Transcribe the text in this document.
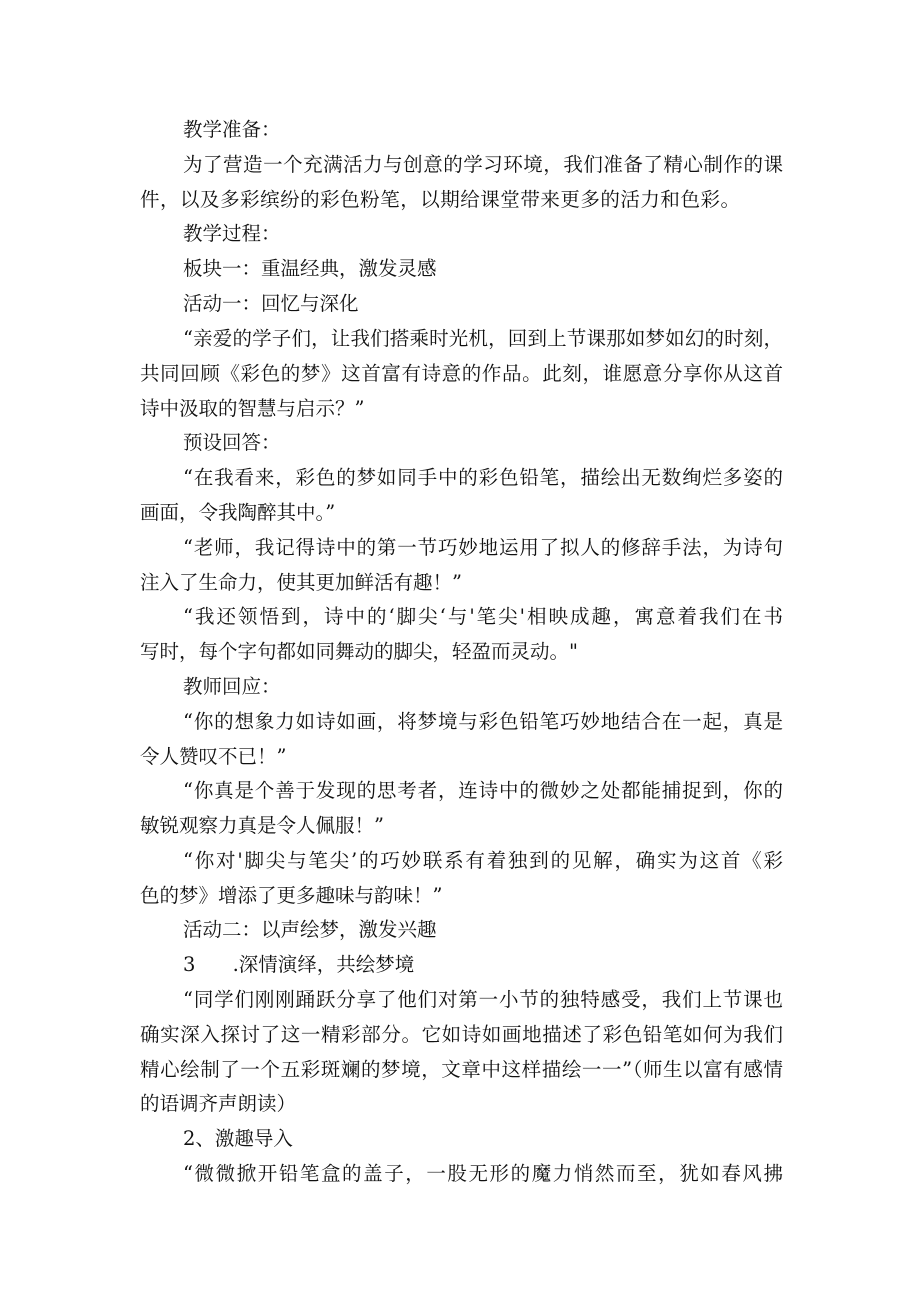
教学准备：
为了营造一个充满活力与创意的学习环境，我们准备了精心制作的课
件，以及多彩缤纷的彩色粉笔，以期给课堂带来更多的活力和色彩。
教学过程：
板块一：重温经典，激发灵感
活动一：回忆与深化
“亲爱的学子们，让我们搭乘时光机，回到上节课那如梦如幻的时刻，
共同回顾《彩色的梦》这首富有诗意的作品。此刻，谁愿意分享你从这首
诗中汲取的智慧与启示？”
预设回答：
“在我看来，彩色的梦如同手中的彩色铅笔，描绘出无数绚烂多姿的
画面，令我陶醉其中。”
“老师，我记得诗中的第一节巧妙地运用了拟人的修辞手法，为诗句
注入了生命力，使其更加鲜活有趣！”
“我还领悟到，诗中的‘脚尖‘与'笔尖'相映成趣，寓意着我们在书
写时，每个字句都如同舞动的脚尖，轻盈而灵动。"
教师回应：
“你的想象力如诗如画，将梦境与彩色铅笔巧妙地结合在一起，真是
令人赞叹不已！”
“你真是个善于发现的思考者，连诗中的微妙之处都能捕捉到，你的
敏锐观察力真是令人佩服！”
“你对'脚尖与笔尖’的巧妙联系有着独到的见解，确实为这首《彩
色的梦》增添了更多趣味与韵味！”
活动二：以声绘梦，激发兴趣
3      .深情演绎，共绘梦境
“同学们刚刚踊跃分享了他们对第一小节的独特感受，我们上节课也
确实深入探讨了这一精彩部分。它如诗如画地描述了彩色铅笔如何为我们
精心绘制了一个五彩斑斓的梦境，文章中这样描绘一一”（师生以富有感情
的语调齐声朗读）
2、激趣导入
“微微掀开铅笔盒的盖子，一股无形的魔力悄然而至，犹如春风拂
